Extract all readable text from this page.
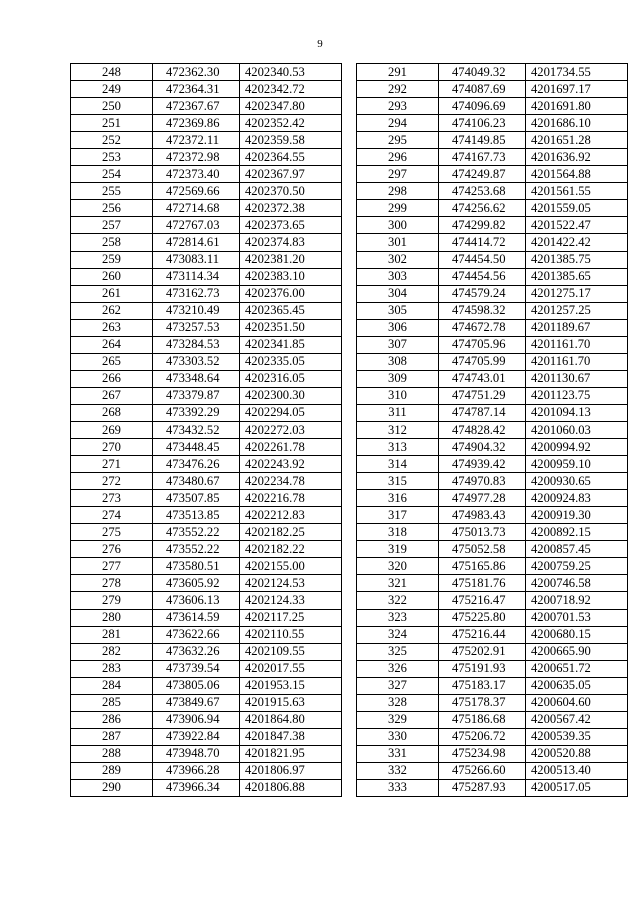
9
248	472362.30	4202340.53
249	472364.31	4202342.72
250	472367.67	4202347.80
251	472369.86	4202352.42
252	472372.11	4202359.58
253	472372.98	4202364.55
254	472373.40	4202367.97
255	472569.66	4202370.50
256	472714.68	4202372.38
257	472767.03	4202373.65
258	472814.61	4202374.83
259	473083.11	4202381.20
260	473114.34	4202383.10
261	473162.73	4202376.00
262	473210.49	4202365.45
263	473257.53	4202351.50
264	473284.53	4202341.85
265	473303.52	4202335.05
266	473348.64	4202316.05
267	473379.87	4202300.30
268	473392.29	4202294.05
269	473432.52	4202272.03
270	473448.45	4202261.78
271	473476.26	4202243.92
272	473480.67	4202234.78
273	473507.85	4202216.78
274	473513.85	4202212.83
275	473552.22	4202182.25
276	473552.22	4202182.22
277	473580.51	4202155.00
278	473605.92	4202124.53
279	473606.13	4202124.33
280	473614.59	4202117.25
281	473622.66	4202110.55
282	473632.26	4202109.55
283	473739.54	4202017.55
284	473805.06	4201953.15
285	473849.67	4201915.63
286	473906.94	4201864.80
287	473922.84	4201847.38
288	473948.70	4201821.95
289	473966.28	4201806.97
290	473966.34	4201806.88
291	474049.32	4201734.55
292	474087.69	4201697.17
293	474096.69	4201691.80
294	474106.23	4201686.10
295	474149.85	4201651.28
296	474167.73	4201636.92
297	474249.87	4201564.88
298	474253.68	4201561.55
299	474256.62	4201559.05
300	474299.82	4201522.47
301	474414.72	4201422.42
302	474454.50	4201385.75
303	474454.56	4201385.65
304	474579.24	4201275.17
305	474598.32	4201257.25
306	474672.78	4201189.67
307	474705.96	4201161.70
308	474705.99	4201161.70
309	474743.01	4201130.67
310	474751.29	4201123.75
311	474787.14	4201094.13
312	474828.42	4201060.03
313	474904.32	4200994.92
314	474939.42	4200959.10
315	474970.83	4200930.65
316	474977.28	4200924.83
317	474983.43	4200919.30
318	475013.73	4200892.15
319	475052.58	4200857.45
320	475165.86	4200759.25
321	475181.76	4200746.58
322	475216.47	4200718.92
323	475225.80	4200701.53
324	475216.44	4200680.15
325	475202.91	4200665.90
326	475191.93	4200651.72
327	475183.17	4200635.05
328	475178.37	4200604.60
329	475186.68	4200567.42
330	475206.72	4200539.35
331	475234.98	4200520.88
332	475266.60	4200513.40
333	475287.93	4200517.05
